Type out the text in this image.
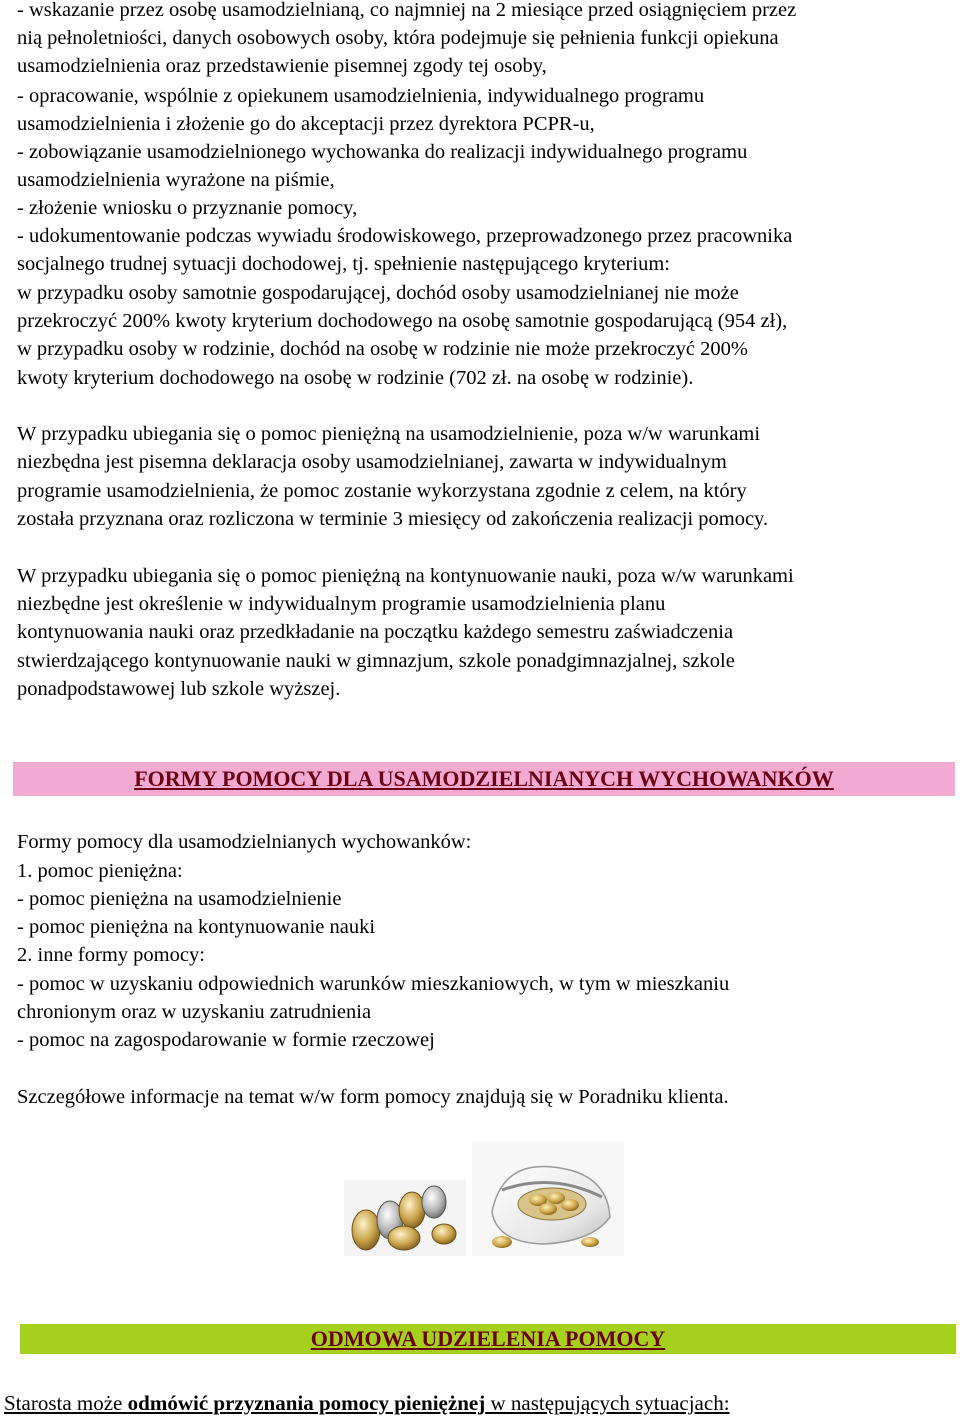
- wskazanie przez osobę usamodzielnianą, co najmniej na 2 miesiące przed osiągnięciem przez

nią pełnoletniości, danych osobowych osoby, która podejmuje się pełnienia funkcji opiekuna

usamodzielnienia oraz przedstawienie pisemnej zgody tej osoby,

- opracowanie, wspólnie z opiekunem usamodzielnienia, indywidualnego programu

usamodzielnienia i złożenie go do akceptacji przez dyrektora PCPR-u,

- zobowiązanie usamodzielnionego wychowanka do realizacji indywidualnego programu

usamodzielnienia wyrażone na piśmie,

- złożenie wniosku o przyznanie pomocy,

- udokumentowanie podczas wywiadu środowiskowego, przeprowadzonego przez pracownika

socjalnego trudnej sytuacji dochodowej, tj. spełnienie następującego kryterium:

w przypadku osoby samotnie gospodarującej, dochód osoby usamodzielnianej nie może

przekroczyć 200% kwoty kryterium dochodowego na osobę samotnie gospodarującą (954 zł),

w przypadku osoby w rodzinie, dochód na osobę w rodzinie nie może przekroczyć 200%

kwoty kryterium dochodowego na osobę w rodzinie (702 zł. na osobę w rodzinie).

W przypadku ubiegania się o pomoc pieniężną na usamodzielnienie, poza w/w warunkami

niezbędna jest pisemna deklaracja osoby usamodzielnianej, zawarta w indywidualnym

programie usamodzielnienia, że pomoc zostanie wykorzystana zgodnie z celem, na który

została przyznana oraz rozliczona w terminie 3 miesięcy od zakończenia realizacji pomocy.

W przypadku ubiegania się o pomoc pieniężną na kontynuowanie nauki, poza w/w warunkami

niezbędne jest określenie w indywidualnym programie usamodzielnienia planu

kontynuowania nauki oraz przedkładanie na początku każdego semestru zaświadczenia

stwierdzającego kontynuowanie nauki w gimnazjum, szkole ponadgimnazjalnej, szkole

ponadpodstawowej lub szkole wyższej.

FORMY POMOCY DLA USAMODZIELNIANYCH WYCHOWANKÓW

Formy pomocy dla usamodzielnianych wychowanków:

1. pomoc pieniężna:

- pomoc pieniężna na usamodzielnienie

- pomoc pieniężna na kontynuowanie nauki

2. inne formy pomocy:

- pomoc w uzyskaniu odpowiednich warunków mieszkaniowych, w tym w mieszkaniu

chronionym oraz w uzyskaniu zatrudnienia

- pomoc na zagospodarowanie w formie rzeczowej

Szczegółowe informacje na temat w/w form pomocy znajdują się w Poradniku klienta.

ODMOWA UDZIELENIA POMOCY
Starosta może odmówić przyznania pomocy pieniężnej w następujących sytuacjach:
